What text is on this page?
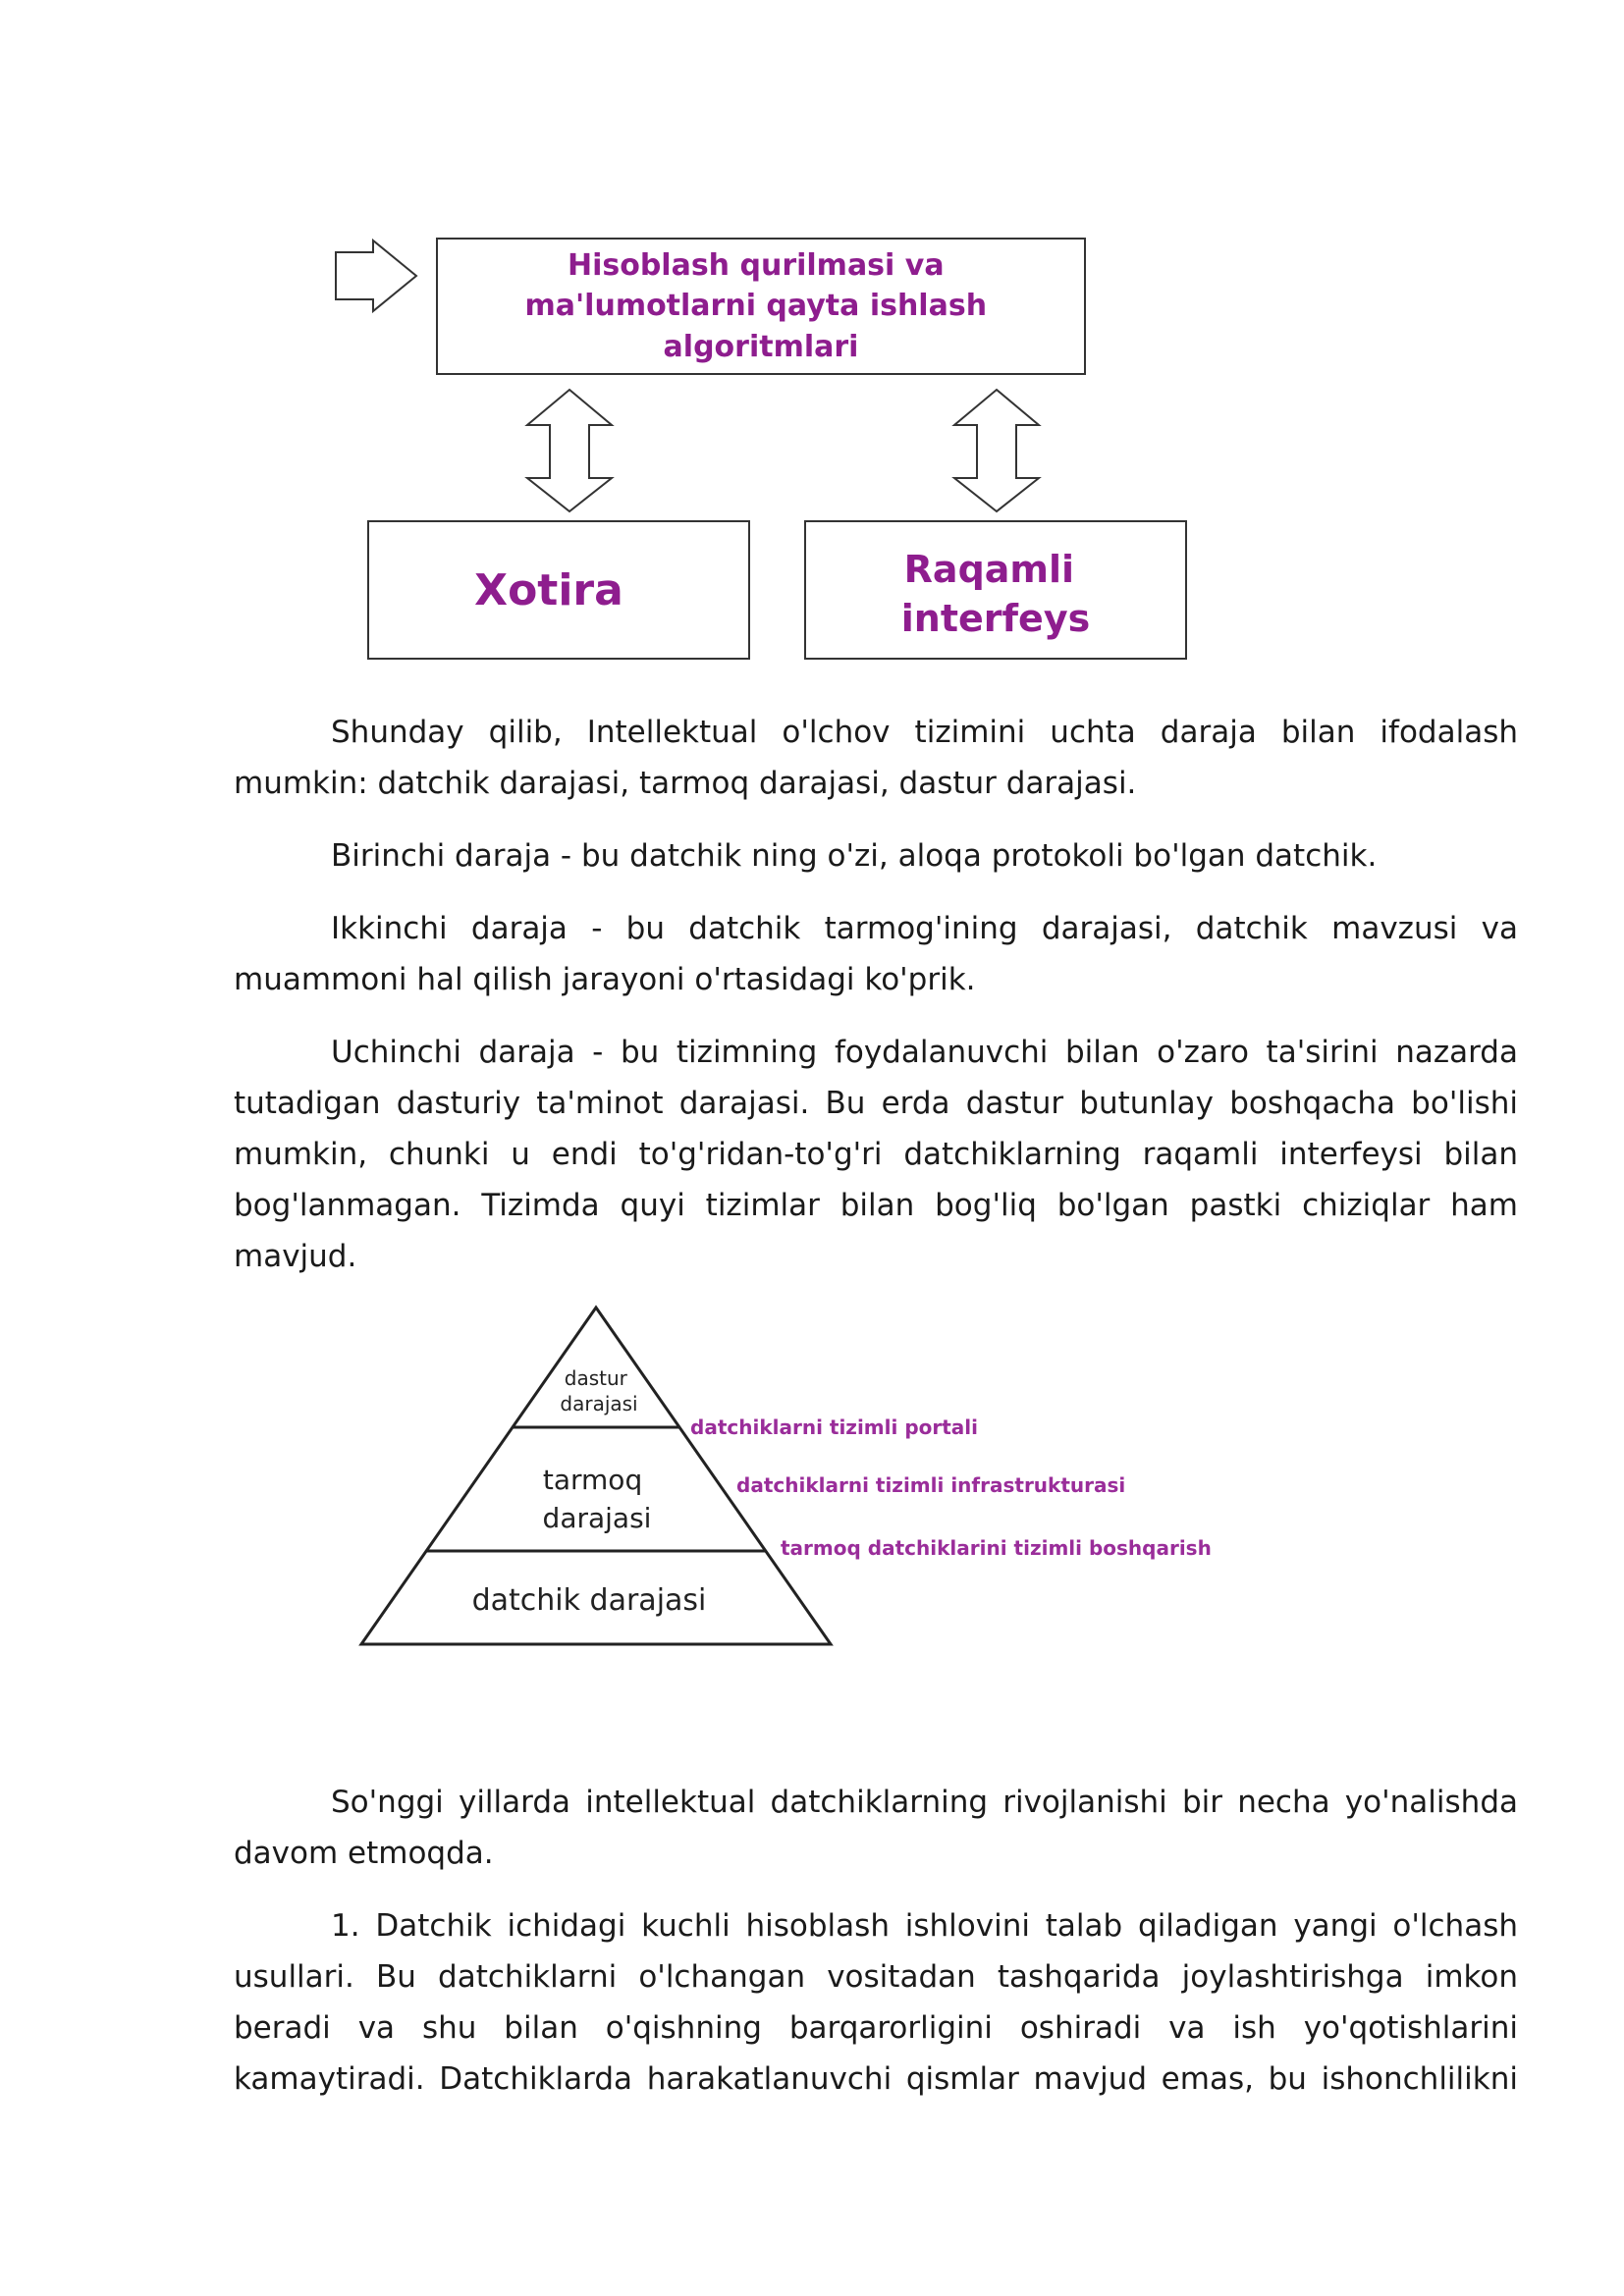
Hisoblash qurilmasi va ma'lumotlarni qayta ishlash algoritmlari
Xotira	Raqamli interfeys

Shunday qilib, Intellektual o'lchov tizimini uchta daraja bilan ifodalash mumkin: datchik darajasi, tarmoq darajasi, dastur darajasi.

Birinchi daraja - bu datchik ning o'zi, aloqa protokoli bo'lgan datchik.

Ikkinchi daraja - bu datchik tarmog'ining darajasi, datchik mavzusi va muammoni hal qilish jarayoni o'rtasidagi ko'prik.

Uchinchi daraja - bu tizimning foydalanuvchi bilan o'zaro ta'sirini nazarda tutadigan dasturiy ta'minot darajasi. Bu erda dastur butunlay boshqacha bo'lishi mumkin, chunki u endi to'g'ridan-to'g'ri datchiklarning raqamli interfeysi bilan bog'lanmagan. Tizimda quyi tizimlar bilan bog'liq bo'lgan pastki chiziqlar ham mavjud.

dastur darajasi
tarmoq darajasi
datchik darajasi
datchiklarni tizimli portali
datchiklarni tizimli infrastrukturasi
tarmoq datchiklarini tizimli boshqarish

So'nggi yillarda intellektual datchiklarning rivojlanishi bir necha yo'nalishda davom etmoqda.

1. Datchik ichidagi kuchli hisoblash ishlovini talab qiladigan yangi o'lchash usullari. Bu datchiklarni o'lchangan vositadan tashqarida joylashtirishga imkon beradi va shu bilan o'qishning barqarorligini oshiradi va ish yo'qotishlarini kamaytiradi. Datchiklarda harakatlanuvchi qismlar mavjud emas, bu ishonchlilikni
